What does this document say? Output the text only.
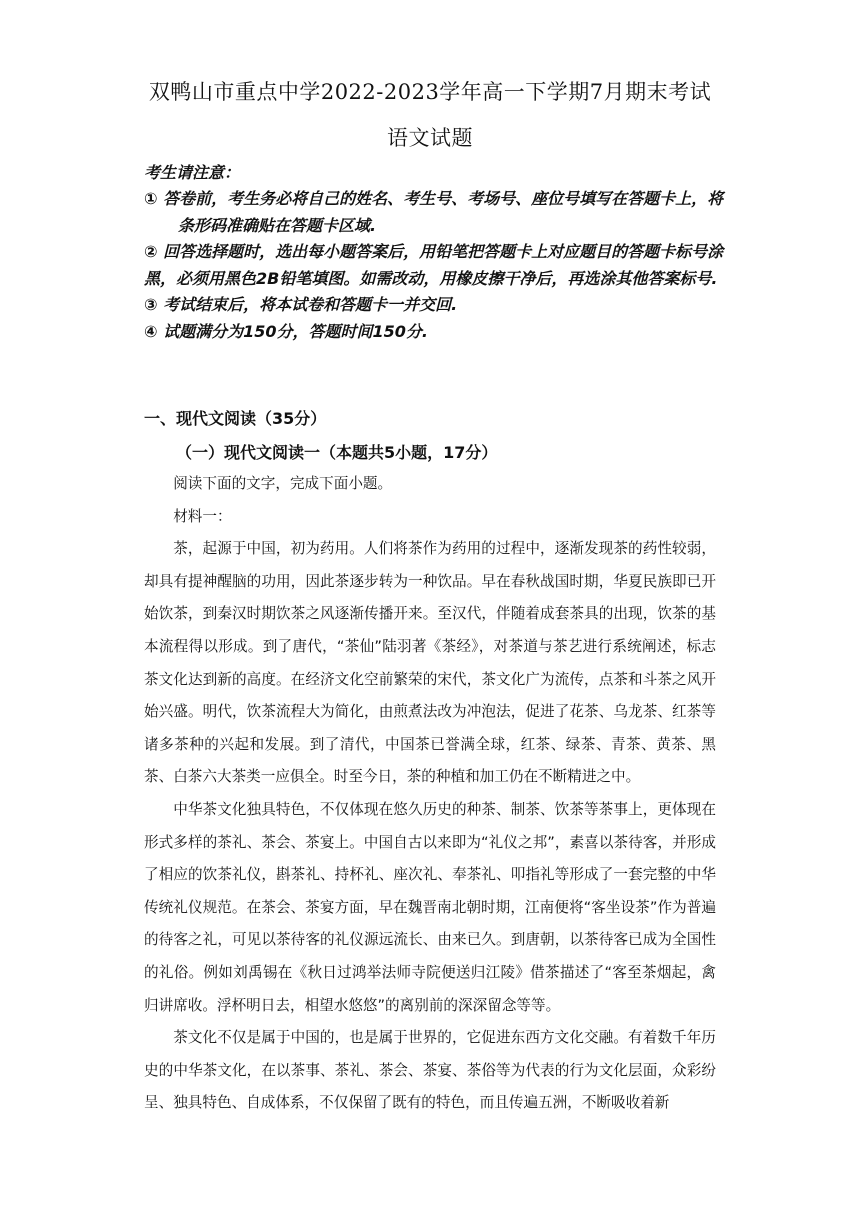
双鸭山市重点中学2022-2023学年高一下学期7月期末考试
语文试题
考生请注意：

① 答卷前，考生务必将自己的姓名、考生号、考场号、座位号填写在答题卡上，将条形码准确贴在答题卡区域.

② 回答选择题时，选出每小题答案后，用铅笔把答题卡上对应题目的答题卡标号涂黑，必须用黑色2B铅笔填图。如需改动，用橡皮擦干净后，再选涂其他答案标号.

③ 考试结束后，将本试卷和答题卡一并交回.

④ 试题满分为150分，答题时间150分.

一、现代文阅读（35分）
（一）现代文阅读一（本题共5小题，17分）

阅读下面的文字，完成下面小题。

材料一：

茶，起源于中国，初为药用。人们将茶作为药用的过程中，逐渐发现茶的药性较弱，却具有提神醒脑的功用，因此茶逐步转为一种饮品。早在春秋战国时期，华夏民族即已开始饮茶，到秦汉时期饮茶之风逐渐传播开来。至汉代，伴随着成套茶具的出现，饮茶的基本流程得以形成。到了唐代，“茶仙”陆羽著《茶经》，对茶道与茶艺进行系统阐述，标志茶文化达到新的高度。在经济文化空前繁荣的宋代，茶文化广为流传，点茶和斗茶之风开始兴盛。明代，饮茶流程大为简化，由煎煮法改为冲泡法，促进了花茶、乌龙茶、红茶等诸多茶种的兴起和发展。到了清代，中国茶已誉满全球，红茶、绿茶、青茶、黄茶、黑茶、白茶六大茶类一应俱全。时至今日，茶的种植和加工仍在不断精进之中。

中华茶文化独具特色，不仅体现在悠久历史的种茶、制茶、饮茶等茶事上，更体现在形式多样的茶礼、茶会、茶宴上。中国自古以来即为“礼仪之邦”，素喜以茶待客，并形成了相应的饮茶礼仪，斟茶礼、持杯礼、座次礼、奉茶礼、叩指礼等形成了一套完整的中华传统礼仪规范。在茶会、茶宴方面，早在魏晋南北朝时期，江南便将“客坐设茶”作为普遍的待客之礼，可见以茶待客的礼仪源远流长、由来已久。到唐朝，以茶待客已成为全国性的礼俗。例如刘禹锡在《秋日过鸿举法师寺院便送归江陵》借茶描述了“客至茶烟起，禽归讲席收。浮杯明日去，相望水悠悠”的离别前的深深留念等等。

茶文化不仅是属于中国的，也是属于世界的，它促进东西方文化交融。有着数千年历史的中华茶文化，在以茶事、茶礼、茶会、茶宴、茶俗等为代表的行为文化层面，众彩纷呈、独具特色、自成体系，不仅保留了既有的特色，而且传遍五洲，不断吸收着新
